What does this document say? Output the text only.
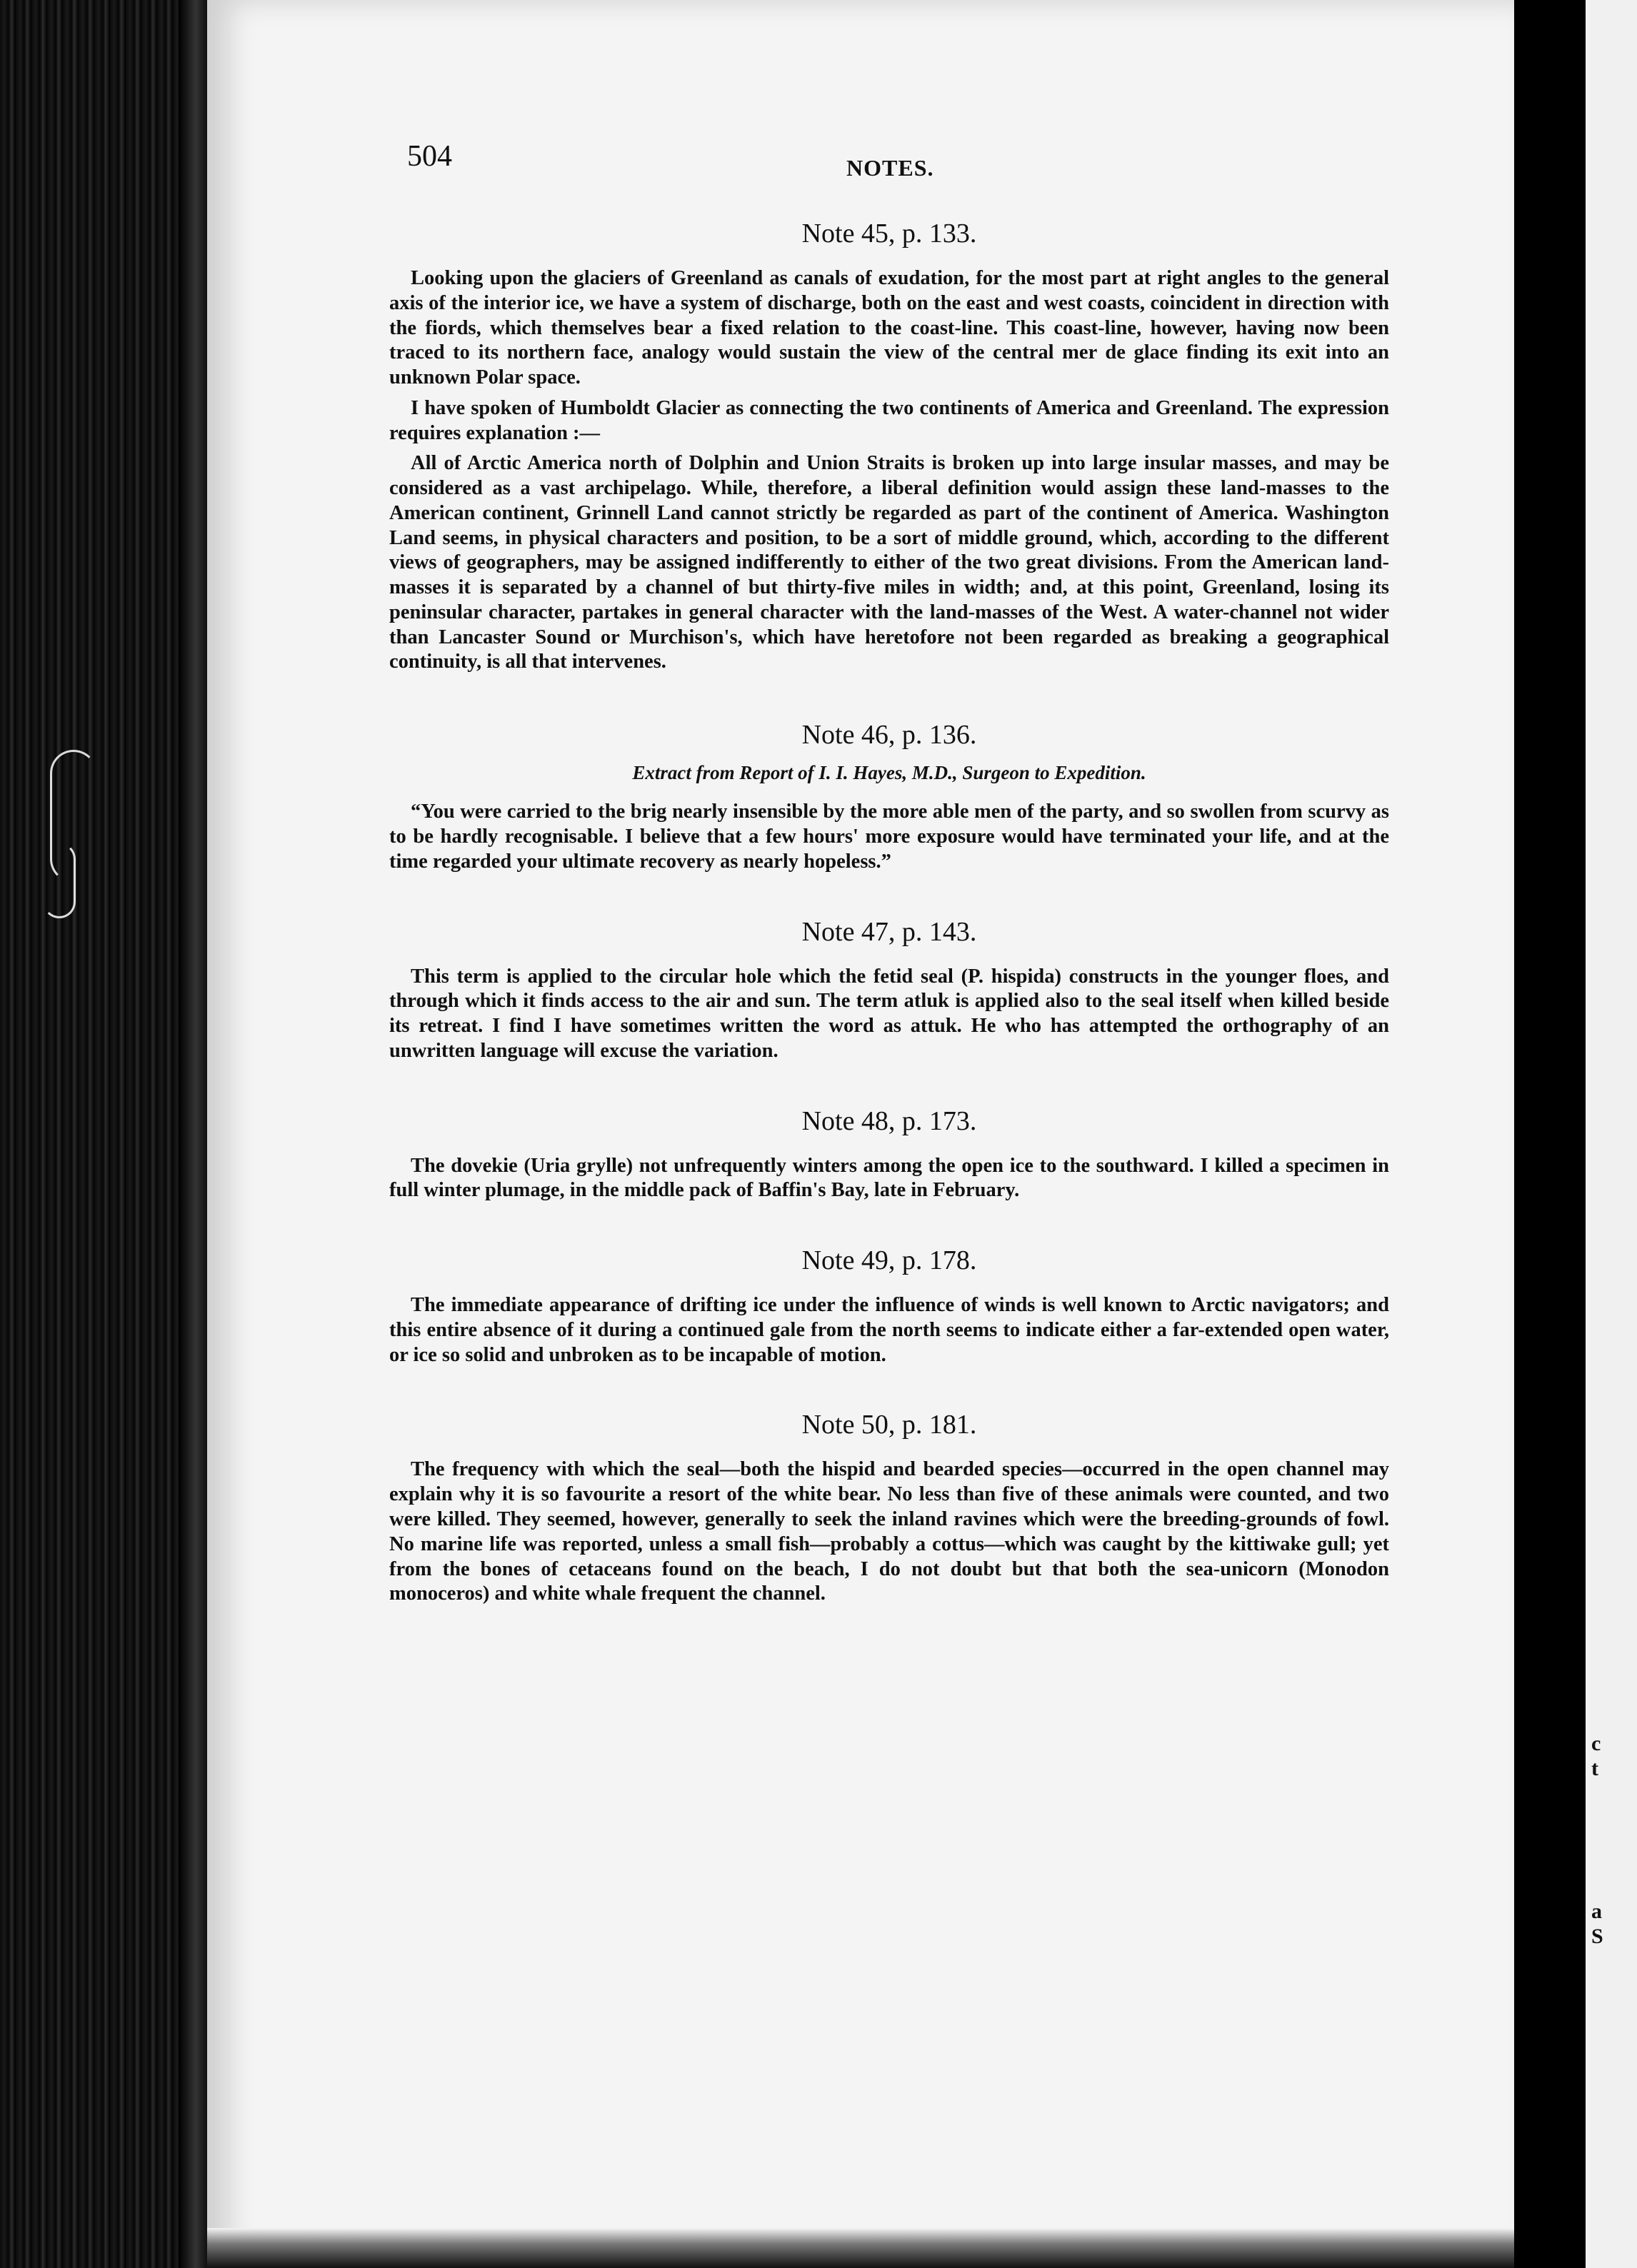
c
t
a
S
504	NOTES.
Note 45, p. 133.

Looking upon the glaciers of Greenland as canals of exudation, for the most part at right angles to the general axis of the interior ice, we have a system of discharge, both on the east and west coasts, coincident in direction with the fiords, which themselves bear a fixed relation to the coast-line. This coast-line, however, having now been traced to its northern face, analogy would sustain the view of the central mer de glace finding its exit into an unknown Polar space.

I have spoken of Humboldt Glacier as connecting the two continents of America and Greenland. The expression requires explanation :—

All of Arctic America north of Dolphin and Union Straits is broken up into large insular masses, and may be considered as a vast archipelago. While, therefore, a liberal definition would assign these land-masses to the American continent, Grinnell Land cannot strictly be regarded as part of the continent of America. Washington Land seems, in physical characters and position, to be a sort of middle ground, which, according to the different views of geographers, may be assigned indifferently to either of the two great divisions. From the American land-masses it is separated by a channel of but thirty-five miles in width; and, at this point, Greenland, losing its peninsular character, partakes in general character with the land-masses of the West. A water-channel not wider than Lancaster Sound or Murchison's, which have heretofore not been regarded as breaking a geographical continuity, is all that intervenes.

Note 46, p. 136.
Extract from Report of I. I. Hayes, M.D., Surgeon to Expedition.

“You were carried to the brig nearly insensible by the more able men of the party, and so swollen from scurvy as to be hardly recognisable. I believe that a few hours' more exposure would have terminated your life, and at the time regarded your ultimate recovery as nearly hopeless.”

Note 47, p. 143.

This term is applied to the circular hole which the fetid seal (P. hispida) constructs in the younger floes, and through which it finds access to the air and sun. The term atluk is applied also to the seal itself when killed beside its retreat. I find I have sometimes written the word as attuk. He who has attempted the orthography of an unwritten language will excuse the variation.

Note 48, p. 173.

The dovekie (Uria grylle) not unfrequently winters among the open ice to the southward. I killed a specimen in full winter plumage, in the middle pack of Baffin's Bay, late in February.

Note 49, p. 178.

The immediate appearance of drifting ice under the influence of winds is well known to Arctic navigators; and this entire absence of it during a continued gale from the north seems to indicate either a far-extended open water, or ice so solid and unbroken as to be incapable of motion.

Note 50, p. 181.

The frequency with which the seal—both the hispid and bearded species—occurred in the open channel may explain why it is so favourite a resort of the white bear. No less than five of these animals were counted, and two were killed. They seemed, however, generally to seek the inland ravines which were the breeding-grounds of fowl. No marine life was reported, unless a small fish—probably a cottus—which was caught by the kittiwake gull; yet from the bones of cetaceans found on the beach, I do not doubt but that both the sea-unicorn (Monodon monoceros) and white whale frequent the channel.
